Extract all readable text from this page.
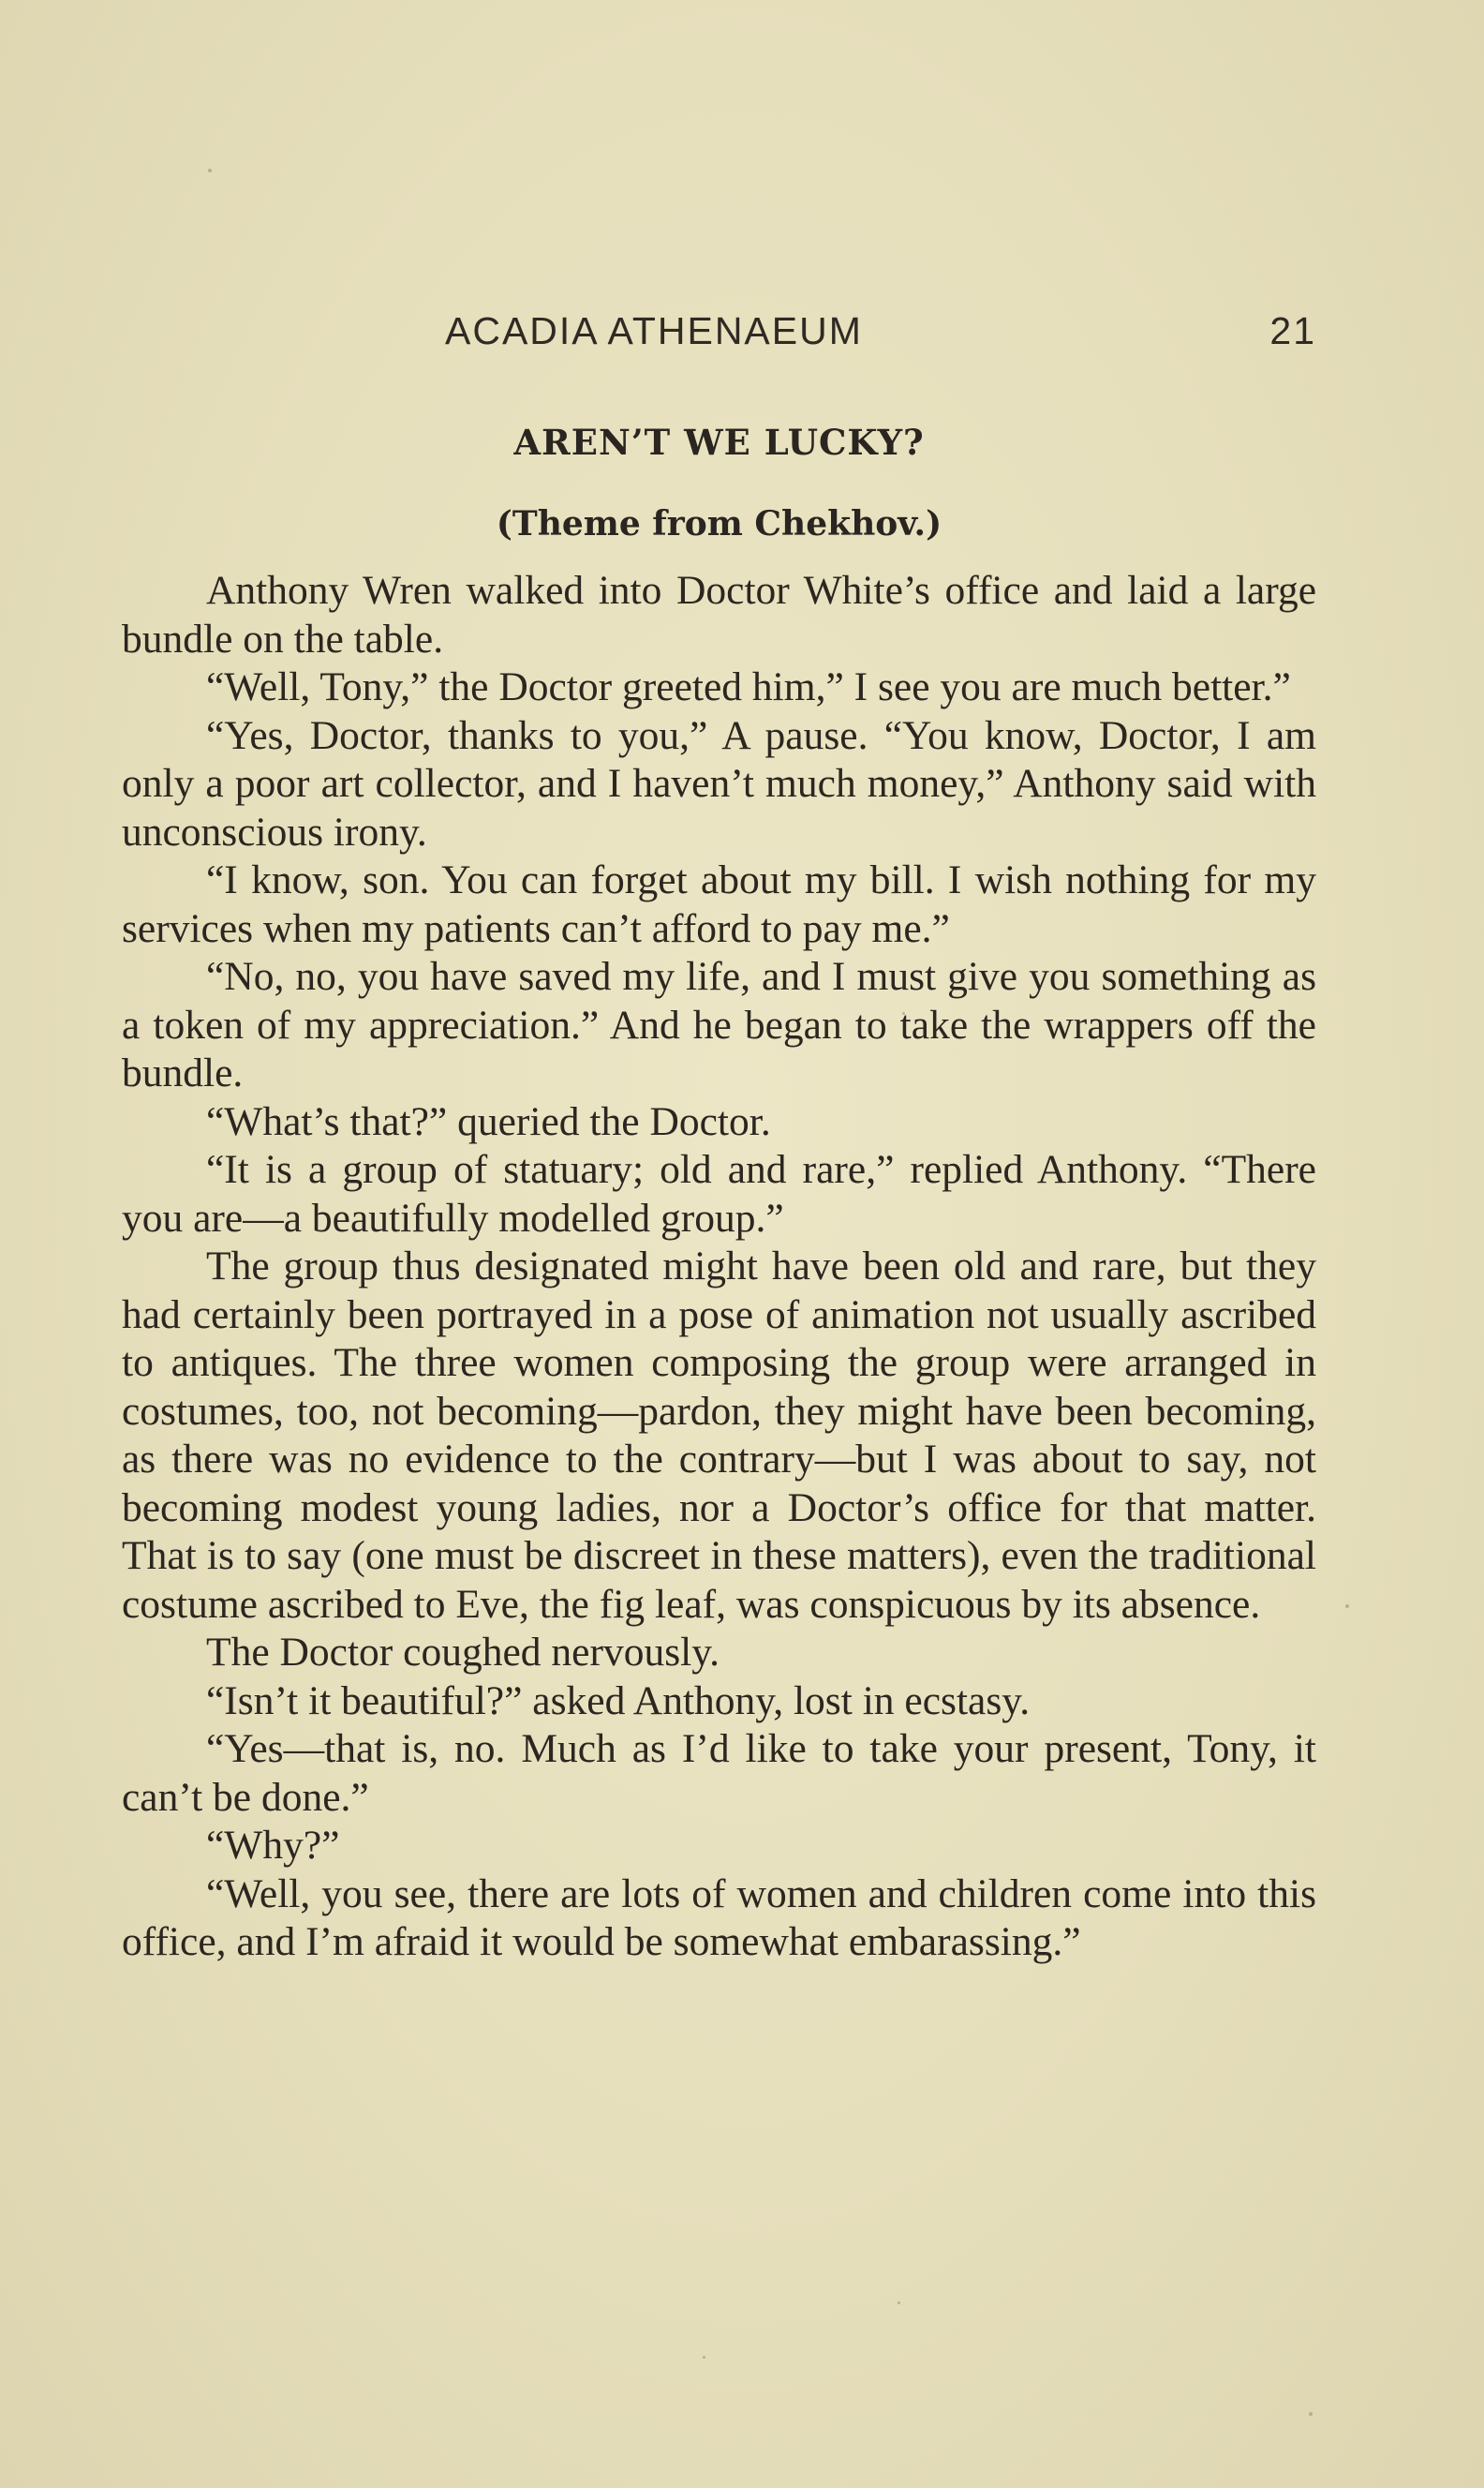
ACADIA ATHENAEUM	21
AREN’T WE LUCKY?
(Theme from Chekhov.)

Anthony Wren walked into Doctor White’s office and laid a large bundle on the table.

“Well, Tony,” the Doctor greeted him,” I see you are much better.”

“Yes, Doctor, thanks to you,” A pause. “You know, Doctor, I am only a poor art collector, and I haven’t much money,” Anthony said with unconscious irony.

“I know, son. You can forget about my bill. I wish nothing for my services when my patients can’t afford to pay me.”

“No, no, you have saved my life, and I must give you something as a token of my appreciation.” And he began to take the wrappers off the bundle.

“What’s that?” queried the Doctor.

“It is a group of statuary; old and rare,” replied Anthony. “There you are—a beautifully modelled group.”

The group thus designated might have been old and rare, but they had certainly been portrayed in a pose of animation not usually ascribed to antiques. The three women composing the group were arranged in costumes, too, not becoming—pardon, they might have been becoming, as there was no evidence to the contrary—but I was about to say, not becoming modest young ladies, nor a Doctor’s office for that matter. That is to say (one must be discreet in these matters), even the traditional costume ascribed to Eve, the fig leaf, was conspicuous by its absence.

The Doctor coughed nervously.

“Isn’t it beautiful?” asked Anthony, lost in ecstasy.

“Yes—that is, no. Much as I’d like to take your present, Tony, it can’t be done.”

“Why?”

“Well, you see, there are lots of women and children come into this office, and I’m afraid it would be somewhat embarassing.”
